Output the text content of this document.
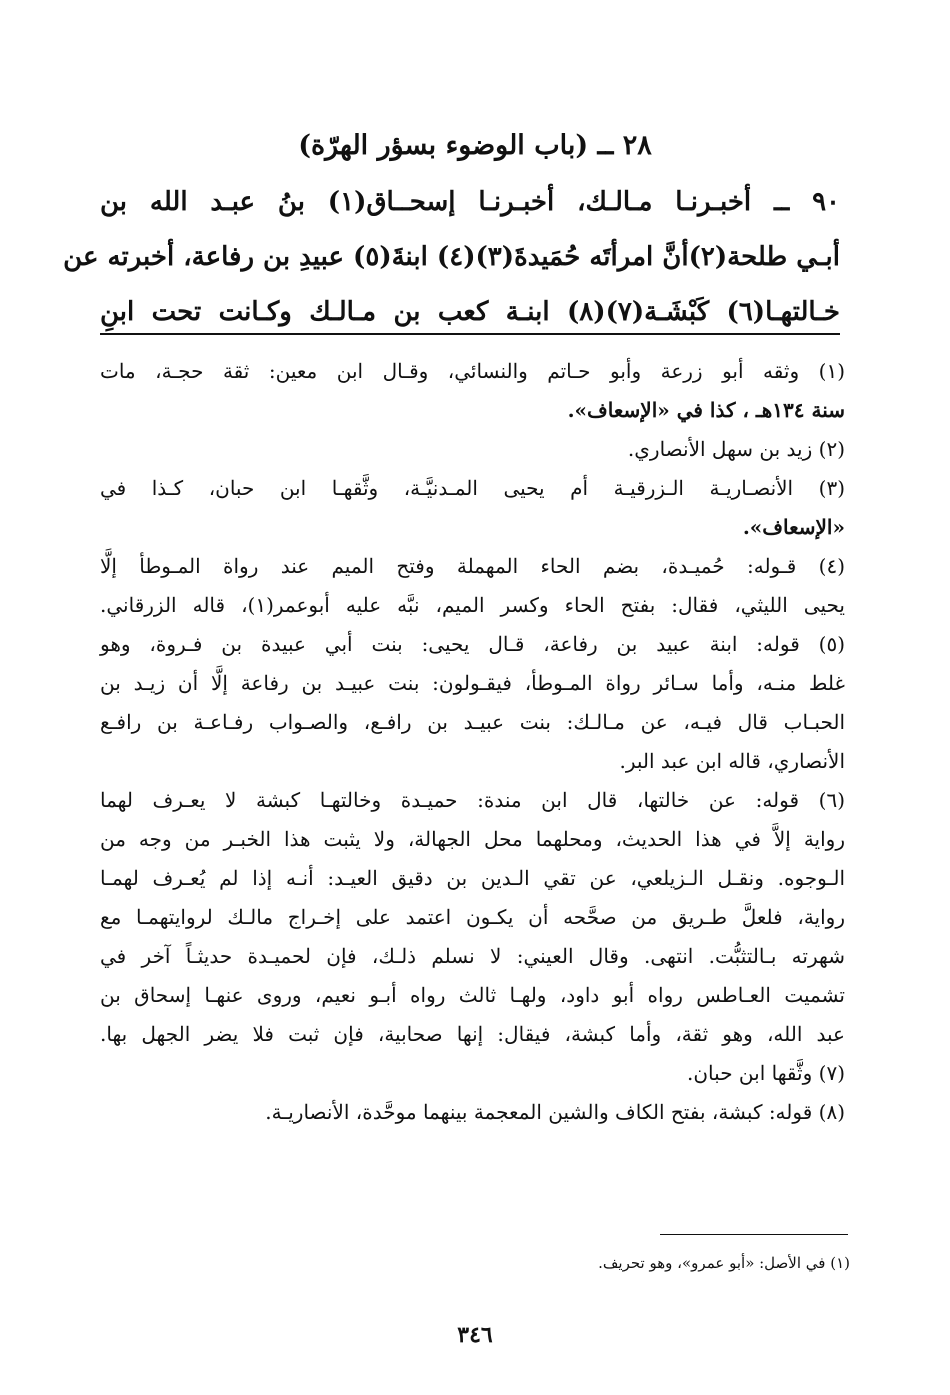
٢٨ ــ (باب الوضوء بسؤر الهرّة)
٩٠ ــ أخبـرنـا مـالـك، أخبـرنـا إسحــاق(١) بنُ عبـد الله بن
أبـي طلحة(٢)أنَّ امرأتَه حُمَيدةَ(٣)(٤) ابنةَ(٥) عبيدِ بن رفاعة، أخبرته عن
خـالتهـا(٦) كَبْشَـة(٧)(٨) ابنـة كعب بن مـالـك وكـانت تحت ابنِ

(١) وثقه أبو زرعة وأبو حـاتم والنسائي، وقـال ابن معين: ثقة حجـة، مات
سنة ١٣٤هـ ، كذا في «الإسعاف».

(٢) زيد بن سهل الأنصاري.

(٣) الأنصـاريـة الـزرقيـة أم يحيى المـدنيَّـة، وثَّقهـا ابن حبان، كـذا في
«الإسعاف».

(٤) قـوله: حُميـدة، بضم الحاء المهملة وفتح الميم عند رواة المـوطأ إلَّا
يحيى الليثي، فقال: بفتح الحاء وكسر الميم، نبَّه عليه أبوعمر(١)، قاله الزرقاني.

(٥) قوله: ابنة عبيد بن رفاعة، قـال يحيى: بنت أبي عبيدة بن فـروة، وهو
غلط منـه، وأما سـائر رواة المـوطأ، فيقـولون: بنت عبيـد بن رفاعة إلَّا أن زيـد بن
الحبـاب قال فيـه، عن مـالـك: بنت عبيـد بن رافـع، والصـواب رفـاعـة بن رافـع
الأنصاري، قاله ابن عبد البر.

(٦) قوله: عن خالتها، قال ابن مندة: حميـدة وخالتهـا كبشة لا يعـرف لهما
رواية إلاَّ في هذا الحديث، ومحلهما محل الجهالة، ولا يثبت هذا الخبـر من وجه من
الـوجوه. ونقـل الـزيلعي، عن تقي الـدين بن دقيق العيـد: أنـه إذا لم يُعـرف لهمـا
رواية، فلعلَّ طـريق من صحَّحه أن يكـون اعتمد على إخـراج مالـك لروايتهمـا مع
شهرته بـالتثبُّت. انتهى. وقال العيني: لا نسلم ذلـك، فإن لحميـدة حديثـاً آخر في
تشميت العـاطس رواه أبو داود، ولهـا ثالث رواه أبـو نعيم، وروى عنهـا إسحاق بن
عبد الله، وهو ثقة، وأما كبشة، فيقال: إنها صحابية، فإن ثبت فلا يضر الجهل بها.

(٧) وثَّقها ابن حبان.

(٨) قوله: كبشة، بفتح الكاف والشين المعجمة بينهما موحَّدة، الأنصاريـة.

(١) في الأصل: «أبو عمرو»، وهو تحريف.
٣٤٦
